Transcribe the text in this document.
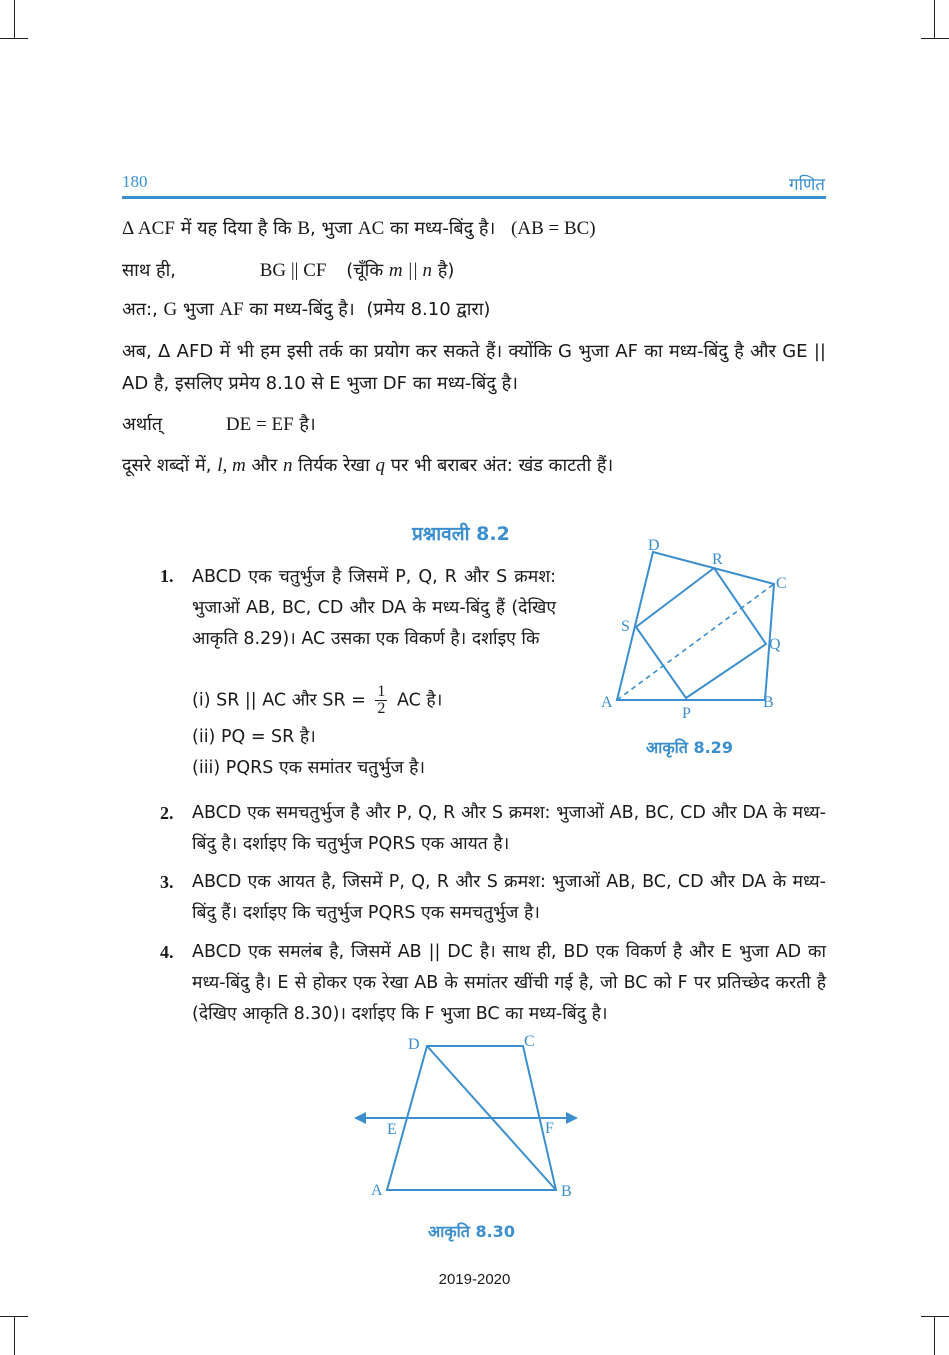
180	गणित
Δ ACF में यह दिया है कि B, भुजा AC का मध्य-बिंदु है। (AB = BC)
साथ ही,	BG || CF (चूँकि m || n है)
अत:, G भुजा AF का मध्य-बिंदु है। (प्रमेय 8.10 द्वारा)
अब, Δ AFD में भी हम इसी तर्क का प्रयोग कर सकते हैं। क्योंकि G भुजा AF का मध्य-बिंदु है और GE || AD है, इसलिए प्रमेय 8.10 से E भुजा DF का मध्य-बिंदु है।
अर्थात्	DE = EF है।
दूसरे शब्दों में, l, m और n तिर्यक रेखा q पर भी बराबर अंत: खंड काटती हैं।
प्रश्नावली 8.2
1. ABCD एक चतुर्भुज है जिसमें P, Q, R और S क्रमश: भुजाओं AB, BC, CD और DA के मध्य-बिंदु हैं (देखिए आकृति 8.29)। AC उसका एक विकर्ण है। दर्शाइए कि
(i) SR || AC और SR = $\frac{1}{2}$ AC है।
(ii) PQ = SR है।
(iii) PQRS एक समांतर चतुर्भुज है।
D
R
C
S
Q
A
P
B
आकृति 8.29
2. ABCD एक समचतुर्भुज है और P, Q, R और S क्रमश: भुजाओं AB, BC, CD और DA के मध्य-बिंदु है। दर्शाइए कि चतुर्भुज PQRS एक आयत है।
3. ABCD एक आयत है, जिसमें P, Q, R और S क्रमश: भुजाओं AB, BC, CD और DA के मध्य-बिंदु हैं। दर्शाइए कि चतुर्भुज PQRS एक समचतुर्भुज है।
4. ABCD एक समलंब है, जिसमें AB || DC है। साथ ही, BD एक विकर्ण है और E भुजा AD का मध्य-बिंदु है। E से होकर एक रेखा AB के समांतर खींची गई है, जो BC को F पर प्रतिच्छेद करती है (देखिए आकृति 8.30)। दर्शाइए कि F भुजा BC का मध्य-बिंदु है।
D	C
E	F
A	B
आकृति 8.30
2019-2020
